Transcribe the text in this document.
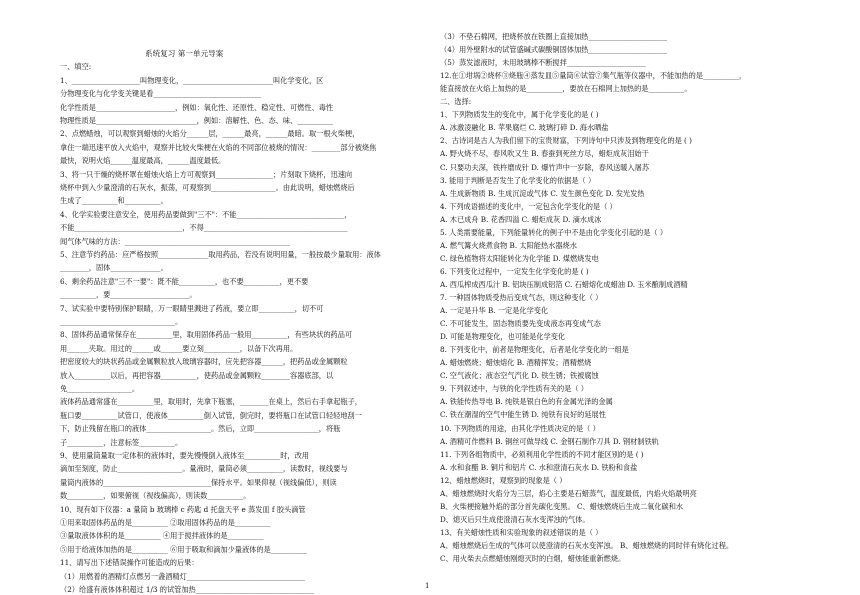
系统复习 第一单元导案
一、填空:
1、___________________叫物理变化，_________________________叫化学变化，区
分物理变化与化学变关键是看______________________________
化学性质是______________________，例如：氧化性、还原性、稳定性、可燃性、毒性
物理性质是____________________________，例如：溶解性、色、态、味、__________
2、点燃蜡烛，可以观察到蜡烛的火焰分______层，______最亮，______最暗。取一根火柴梗，
拿住一端迅速平放入火焰中，观察并比较火柴梗在火焰的不同部位被烧的情况：________部分被烧焦
最快，说明火焰______温度最高，______温度最低。
3、将一只干燥的烧杯罩在蜡烛火焰上方可观察到________________；片刻取下烧杯，迅速向
烧杯中到入少量澄清的石灰水，振荡，可观察到__________________。由此说明，蜡烛燃烧后
生成了__________和__________。
4、化学实验要注意安全，使用药品要做到"三不"：不能______________________________，
不能______________________________，不得________________________________________
闻气体气味的方法：______________________________________________
5、注意节约药品：应严格按照______________取用药品，若没有说明用量，一般按最少量取用：液体
________，固体______________。
6、剩余药品注意"三不一要"：既不能__________，也不要__________，更不要
__________，要______________________。
7、试实验中要特别保护眼睛，万一眼睛里溅进了药液，要立即__________，切不可
________________________________。
8、固体药品通常保存在__________里，取用固体药品一般用__________，有些块状的药品可
用______夹取。用过的______或______要立刻__________，以备下次再用。
把密度较大的块状药品或金属颗粒放入玻璃容器时，应先把容器______，把药品或金属颗粒
放入__________以后，再把容器__________，使药品或金属颗粒________容器底部，以
免__________________。
液体药品通常盛在__________里，取用时，先拿下瓶塞，________在桌上，然后右手拿起瓶子，
瓶口要__________试管口，使液体__________倒入试管，倒完时，要将瓶口在试管口轻轻地刮一
下，防止残留在瓶口的液体__________________。然后，立即__________________，将瓶
子__________，注意标签__________。
9、使用量筒量取一定体积的液体时，要先慢慢倒入液体至__________时，改用
滴加至刻度，防止__________________。量液时，量筒必须__________，读数时，视线要与
量筒内液体的______________________________保持水平。如果仰视（视线偏低），则读
数__________，如果俯视（视线偏高），则读数__________。
10、现有如下仪器：a 量筒 b 玻璃棒 c 药匙 d 托盘天平 e 蒸发皿 f 胶头滴管
①用来取固体药品的是__________ ②取用固体药品的是__________
③量取液体体积的是__________ ④用于搅拌液体的是__________
⑤用于给液体加热的是__________ ⑥用于吸取和滴加少量液体的是__________
11、请写出下述错误操作可能造成的后果：
（1）用燃着的酒精灯点燃另一盏酒精灯_________________________________
（2）给盛有液体体积超过 1/3 的试管加热_________________________________
（3）不垫石棉网，把烧杯放在铁圈上直接加热______________________
（4）用外壁附水的试管盛碱式碳酸铜固体加热______________________
（5）蒸发滤液时，未用玻璃棒不断搅拌______________________
12.在①坩埚②烧杯③烧瓶④蒸发皿⑤量筒⑥试管⑦集气瓶等仪器中，不能加热的是__________，
能直接放在火焰上加热的是__________，要放在石棉网上加热的是__________。
二、选择:
1、下列物质发生的变化中，属于化学变化的是 ( )
A. 冰激凌融化 B. 苹果腐烂 C. 玻璃打碎 D. 海水晒盐
2、古诗词是古人为我们留下的宝贵财富，下列诗句中只涉及到物理变化的是 ( )
A. 野火烧不尽，春风吹又生 B. 春蚕到死丝方尽，蜡炬成灰泪始干
C. 只要功夫深，铁杵磨成针 D. 爆竹声中一岁除，春风送暖入屠苏
3. 能用于判断是否发生了化学变化的依据是（ ）
A. 生成新物质 B. 生成沉淀或气体 C. 发生颜色变化 D. 发光发热
4. 下列成语描述的变化中，一定包含化学变化的是（ ）
A. 木已成舟 B. 花香四溢 C. 蜡炬成灰 D. 滴水成冰
5. 人类需要能量，下列能量转化的例子中不是由化学变化引起的是（ ）
A. 燃气篝火烧煮食物 B. 太阳能热水器烧水
C. 绿色植物将太阳能转化为化学能 D. 煤燃烧发电
6. 下列变化过程中，一定发生化学变化的是 ( )
A. 西瓜榨成西瓜汁 B. 铝块压制成铝箔 C. 石蜡熔化成蜡油 D. 玉米酿制成酒精
7. 一种固体物质受热后变成气态，则这种变化（ ）
A. 一定是升华 B. 一定是化学变化
C. 不可能发生，固态物质要先变成液态再变成气态
D. 可能是物理变化，也可能是化学变化
8. 下列变化中，前者是物理变化，后者是化学变化的一组是
A. 蜡烛燃烧；蜡烛熔化 B. 酒精挥发；酒精燃烧
C. 空气液化；液态空气汽化 D. 铁生锈；铁被腐蚀
9. 下列叙述中，与铁的化学性质有关的是（ ）
A. 铁能传热导电 B. 纯铁是银白色的有金属光泽的金属
C. 铁在潮湿的空气中能生锈 D. 纯铁有良好的延展性
10. 下列物质的用途，由其化学性质决定的是（ ）
A. 酒精可作燃料 B. 铜丝可做导线 C. 金钢石制作刀具 D. 钢材制铁轨
11. 下列各组物质中，必须利用化学性质的不同才能区别的是 ( )
A. 水和食醋 B. 铜片和铝片 C. 水和澄清石灰水 D. 铁粉和食盐
12、蜡烛燃烧时，观察到的现象是（ ）
A、蜡烛燃烧时火焰分为三层，焰心主要是石蜡蒸气，温度最低，内焰火焰最明亮
B、火柴梗接触外焰的部分首先碳化变黑。 C、蜡烛燃烧后生成二氧化碳和水
D、熄灭后只生成使澄清石灰水变浑浊的气体。
13、有关蜡烛性质和实验现象的叙述错误的是（ ）
A、蜡烛燃烧后生成的气体可以使澄清的石灰水变浑浊。 B、蜡烛燃烧的同时伴有烧化过程。
C、用火柴去点燃蜡烛刚熄灭时的白烟，蜡烛能重新燃烧。
1
